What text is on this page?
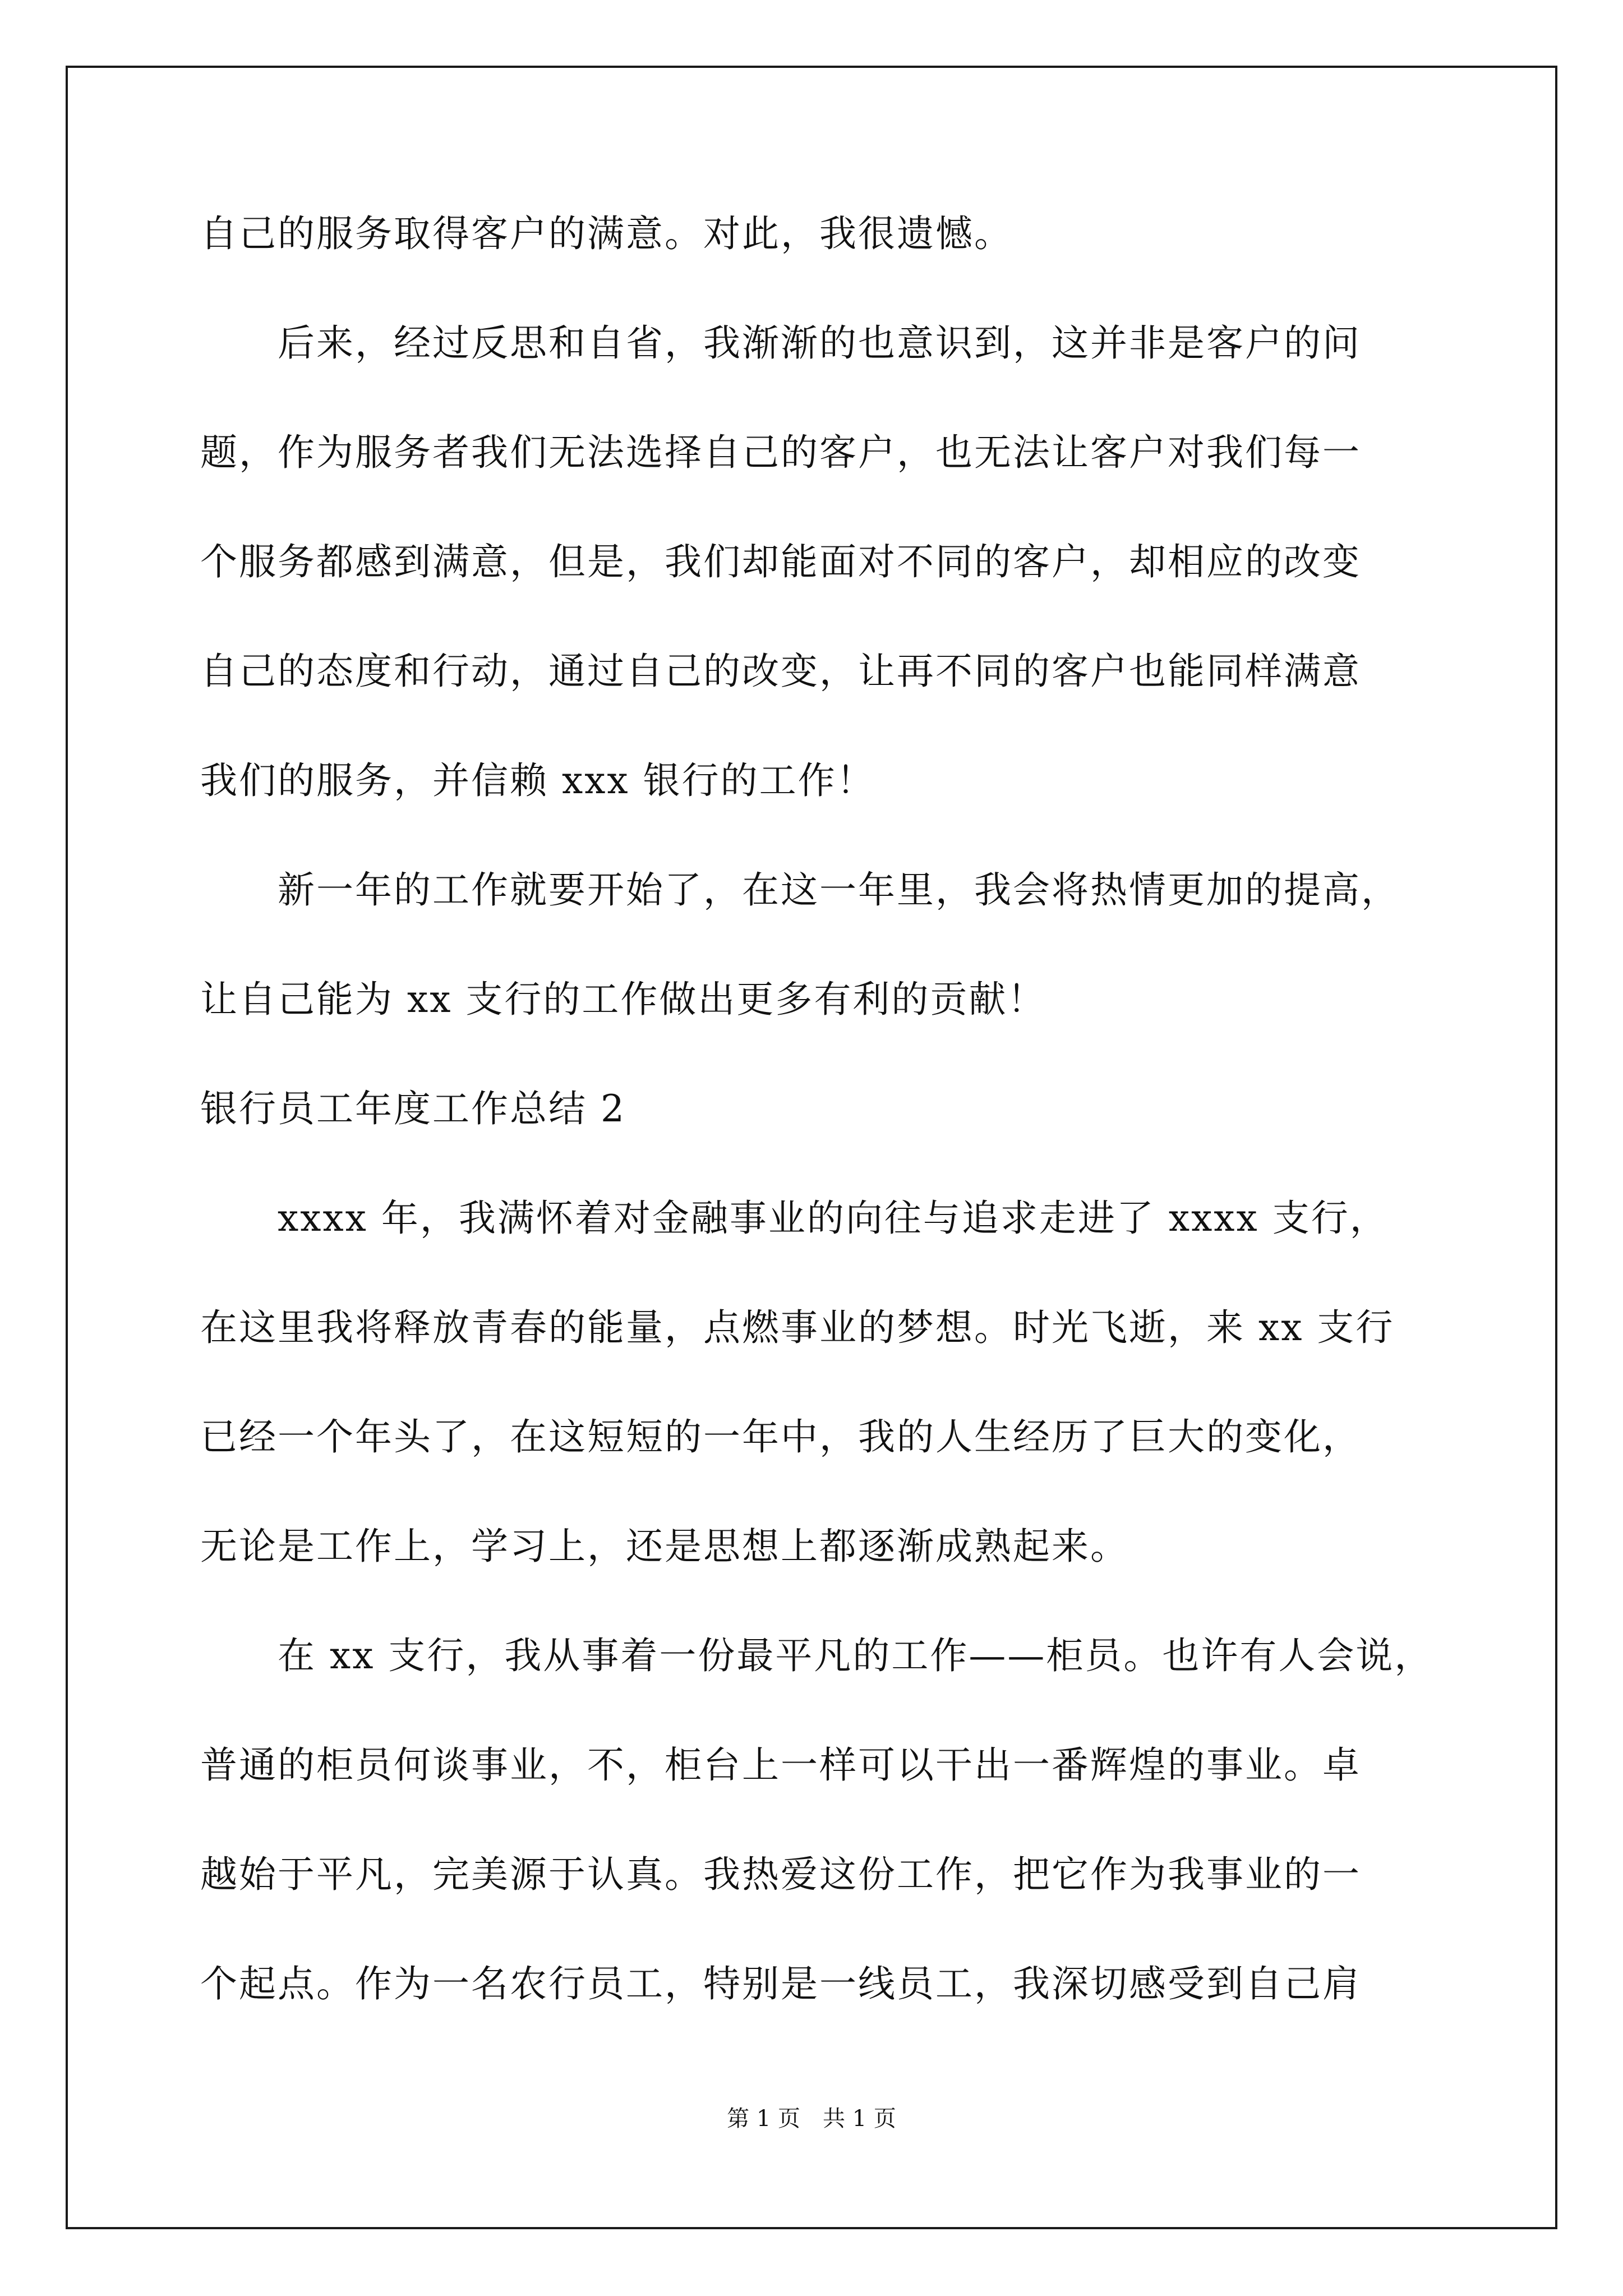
自己的服务取得客户的满意。对此，我很遗憾。
　　后来，经过反思和自省，我渐渐的也意识到，这并非是客户的问
题，作为服务者我们无法选择自己的客户，也无法让客户对我们每一
个服务都感到满意，但是，我们却能面对不同的客户，却相应的改变
自己的态度和行动，通过自己的改变，让再不同的客户也能同样满意
我们的服务，并信赖 xxx 银行的工作！
　　新一年的工作就要开始了，在这一年里，我会将热情更加的提高，
让自己能为 xx 支行的工作做出更多有利的贡献！
银行员工年度工作总结 2
　　xxxx 年，我满怀着对金融事业的向往与追求走进了 xxxx 支行，
在这里我将释放青春的能量，点燃事业的梦想。时光飞逝，来 xx 支行
已经一个年头了，在这短短的一年中，我的人生经历了巨大的变化，
无论是工作上，学习上，还是思想上都逐渐成熟起来。
　　在 xx 支行，我从事着一份最平凡的工作——柜员。也许有人会说，
普通的柜员何谈事业，不，柜台上一样可以干出一番辉煌的事业。卓
越始于平凡，完美源于认真。我热爱这份工作，把它作为我事业的一
个起点。作为一名农行员工，特别是一线员工，我深切感受到自己肩
第 1 页　共 1 页
